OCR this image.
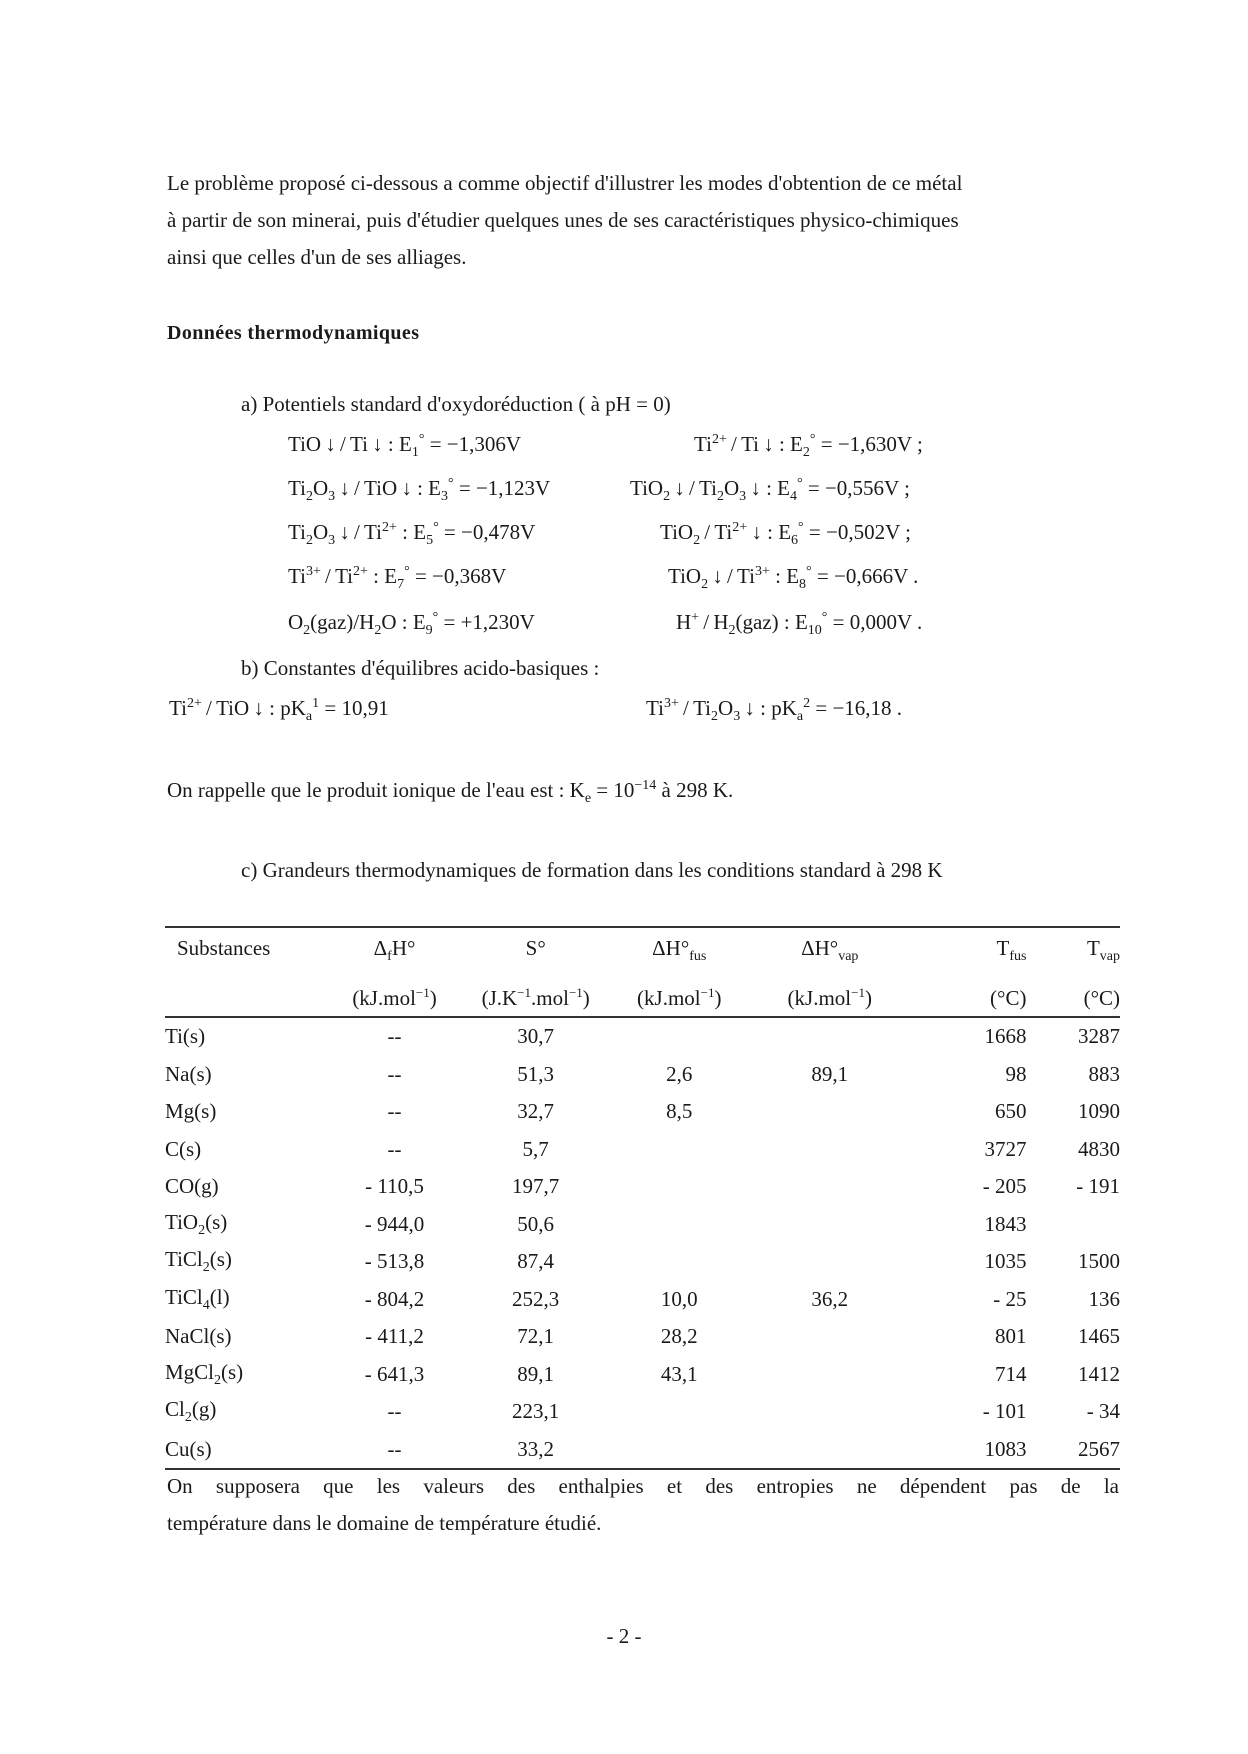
Le problème proposé ci-dessous a comme objectif d'illustrer les modes d'obtention de ce métal

à partir de son minerai, puis d'étudier quelques unes de ses caractéristiques physico-chimiques

ainsi que celles d'un de ses alliages.

Données thermodynamiques
a) Potentiels standard d'oxydoréduction ( à pH = 0)
TiO ↓ / Ti ↓ : $E_1^\circ = -1,306V$	$Ti^{2+}$ / Ti ↓ : $E_2^\circ = -1,630V$ ;
$Ti_2O_3$ ↓ / TiO ↓ : $E_3^\circ = -1,123V$	TiO$_2$ ↓ / $Ti_2O_3$ ↓ : $E_4^\circ = -0,556V$ ;
$Ti_2O_3$ ↓ / $Ti^{2+}$ : $E_5^\circ = -0,478V$	$TiO_2 / Ti^{2+}$ ↓ : $E_6^\circ = -0,502V$ ;
$Ti^{3+} / Ti^{2+}$ : $E_7^\circ = -0,368V$	TiO$_2$ ↓ / $Ti^{3+}$ : $E_8^\circ = -0,666V$ .
$O_2(gaz)/H_2O$ : $E_9^\circ = +1,230V$	$H^+ / H_2(gaz)$ : $E_{10}^\circ = 0,000V$ .
b) Constantes d'équilibres acido-basiques :
$Ti^{2+}$ / TiO ↓ : $pK_a^1 = 10,91$	$Ti^{3+} / Ti_2O_3$ ↓ : $pK_a^2 = -16,18$ .
On rappelle que le produit ionique de l'eau est : $K_e = 10^{-14}$ à 298 K.
c) Grandeurs thermodynamiques de formation dans les conditions standard à 298 K
Substances	$\Delta_fH^\circ$	S°	$\Delta H^\circ_{fus}$	$\Delta H^\circ_{vap}$	$T_{fus}$	$T_{vap}$
	(kJ.mol$^{-1}$)	$(J.K^{-1}.mol^{-1})$	(kJ.mol$^{-1}$)	(kJ.mol$^{-1}$)	(°C)	(°C)
Ti(s)	--	30,7			1668	3287
Na(s)	--	51,3	2,6	89,1	98	883
Mg(s)	--	32,7	8,5		650	1090
C(s)	--	5,7			3727	4830
CO(g)	- 110,5	197,7			- 205	- 191
TiO$_2$(s)	- 944,0	50,6			1843	
TiCl$_2$(s)	- 513,8	87,4			1035	1500
TiCl$_4$(l)	- 804,2	252,3	10,0	36,2	- 25	136
NaCl(s)	- 411,2	72,1	28,2		801	1465
MgCl$_2$(s)	- 641,3	89,1	43,1		714	1412
$Cl_2(g)$	--	223,1			- 101	- 34
Cu(s)	--	33,2			1083	2567

On supposera que les valeurs des enthalpies et des entropies ne dépendent pas de la

température dans le domaine de température étudié.

- 2 -
